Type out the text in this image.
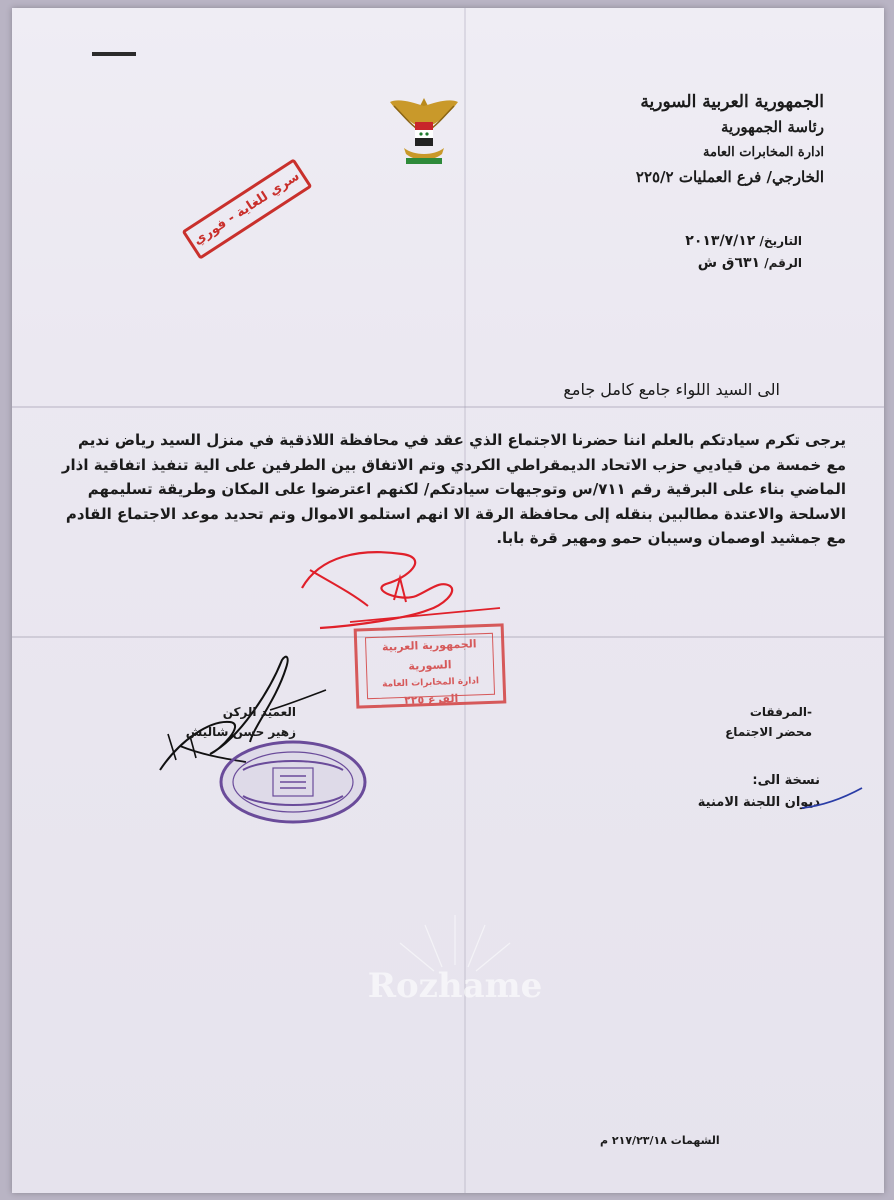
الجمهورية العربية السورية
رئاسة الجمهورية
ادارة المخابرات العامة
الخارجي/ فرع العمليات ٢٢٥/٢
سري للغاية - فوري	التاريخ/ ٢٠١٣/٧/١٢
الرقم/ ٦٣١ق ش
الى السيد اللواء جامع كامل جامع
يرجى تكرم سيادتكم بالعلم اننا حضرنا الاجتماع الذي عقد في محافظة اللاذقية في منزل السيد رياض نديم
مع خمسة من قياديي حزب الاتحاد الديمقراطي الكردي وتم الاتفاق بين الطرفين على الية تنفيذ اتفاقية اذار
الماضي بناء على البرقية رقم ٧١١/س وتوجيهات سيادتكم/ لكنهم اعترضوا على المكان وطريقة تسليمهم
الاسلحة والاعتدة مطالبين بنقله إلى محافظة الرقة الا انهم استلمو الاموال وتم تحديد موعد الاجتماع القادم
مع جمشيد اوصمان وسيبان حمو ومهير قرة بابا.
الجمهورية العربية السورية
ادارة المخابرات العامة
الفرع ٢٢٥
العميد الركن
زهير حسن شاليش
-المرفقات
محضر الاجتماع
نسخة الى:
ديوان اللجنة الامنية
Rozhame
الشهمات ٢١٧/٢٣/١٨ م
